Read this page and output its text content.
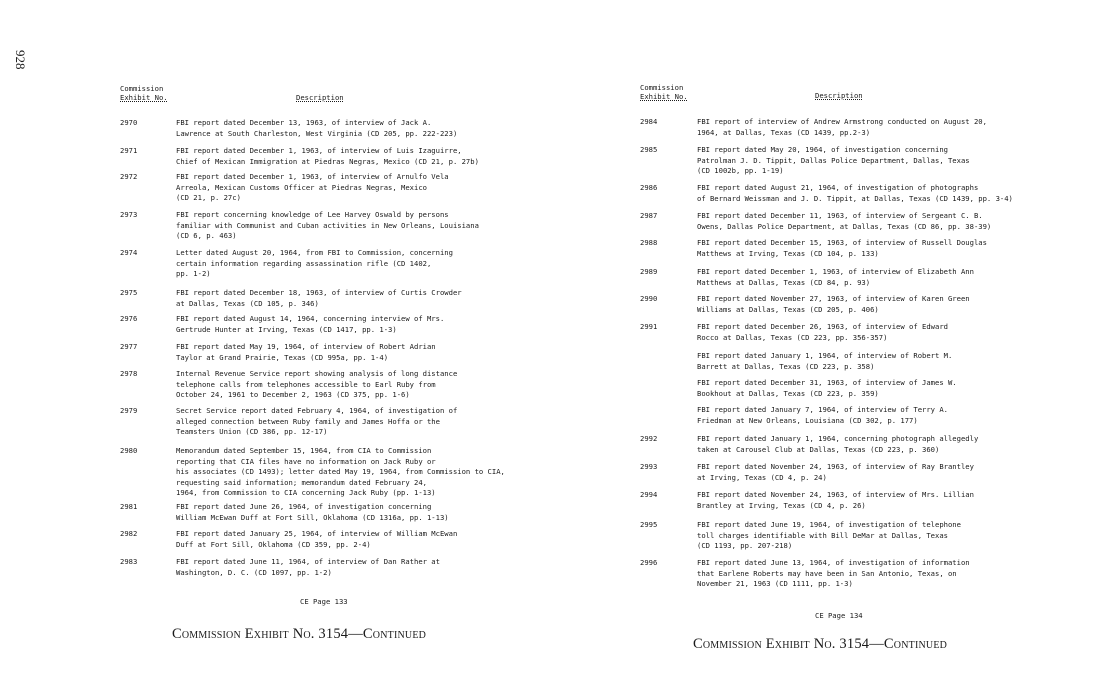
928
Commission
Exhibit No.	Description
2970	FBI report dated December 13, 1963, of interview of Jack A.
Lawrence at South Charleston, West Virginia (CD 205, pp. 222-223)
2971	FBI report dated December 1, 1963, of interview of Luis Izaguirre,
Chief of Mexican Immigration at Piedras Negras, Mexico (CD 21, p. 27b)
2972	FBI report dated December 1, 1963, of interview of Arnulfo Vela
Arreola, Mexican Customs Officer at Piedras Negras, Mexico
(CD 21, p. 27c)
2973	FBI report concerning knowledge of Lee Harvey Oswald by persons
familiar with Communist and Cuban activities in New Orleans, Louisiana
(CD 6, p. 463)
2974	Letter dated August 20, 1964, from FBI to Commission, concerning
certain information regarding assassination rifle (CD 1402,
pp. 1-2)
2975	FBI report dated December 18, 1963, of interview of Curtis Crowder
at Dallas, Texas (CD 105, p. 346)
2976	FBI report dated August 14, 1964, concerning interview of Mrs.
Gertrude Hunter at Irving, Texas (CD 1417, pp. 1-3)
2977	FBI report dated May 19, 1964, of interview of Robert Adrian
Taylor at Grand Prairie, Texas (CD 995a, pp. 1-4)
2978	Internal Revenue Service report showing analysis of long distance
telephone calls from telephones accessible to Earl Ruby from
October 24, 1961 to December 2, 1963 (CD 375, pp. 1-6)
2979	Secret Service report dated February 4, 1964, of investigation of
alleged connection between Ruby family and James Hoffa or the
Teamsters Union (CD 386, pp. 12-17)
2980	Memorandum dated September 15, 1964, from CIA to Commission
reporting that CIA files have no information on Jack Ruby or
his associates (CD 1493); letter dated May 19, 1964, from Commission to CIA,
requesting said information; memorandum dated February 24,
1964, from Commission to CIA concerning Jack Ruby (pp. 1-13)
2981	FBI report dated June 26, 1964, of investigation concerning
William McEwan Duff at Fort Sill, Oklahoma (CD 1316a, pp. 1-13)
2982	FBI report dated January 25, 1964, of interview of William McEwan
Duff at Fort Sill, Oklahoma (CD 359, pp. 2-4)
2983	FBI report dated June 11, 1964, of interview of Dan Rather at
Washington, D. C. (CD 1097, pp. 1-2)
CE Page 133
Commission Exhibit No. 3154—Continued
Commission
Exhibit No.	Description
2984	FBI report of interview of Andrew Armstrong conducted on August 20,
1964, at Dallas, Texas (CD 1439, pp.2-3)
2985	FBI report dated May 20, 1964, of investigation concerning
Patrolman J. D. Tippit, Dallas Police Department, Dallas, Texas
(CD 1002b, pp. 1-19)
2986	FBI report dated August 21, 1964, of investigation of photographs
of Bernard Weissman and J. D. Tippit, at Dallas, Texas (CD 1439, pp. 3-4)
2987	FBI report dated December 11, 1963, of interview of Sergeant C. B.
Owens, Dallas Police Department, at Dallas, Texas (CD 86, pp. 38-39)
2988	FBI report dated December 15, 1963, of interview of Russell Douglas
Matthews at Irving, Texas (CD 104, p. 133)
2989	FBI report dated December 1, 1963, of interview of Elizabeth Ann
Matthews at Dallas, Texas (CD 84, p. 93)
2990	FBI report dated November 27, 1963, of interview of Karen Green
Williams at Dallas, Texas (CD 205, p. 406)
2991	FBI report dated December 26, 1963, of interview of Edward
Rocco at Dallas, Texas (CD 223, pp. 356-357)
FBI report dated January 1, 1964, of interview of Robert M.
Barrett at Dallas, Texas (CD 223, p. 358)
FBI report dated December 31, 1963, of interview of James W.
Bookhout at Dallas, Texas (CD 223, p. 359)
FBI report dated January 7, 1964, of interview of Terry A.
Friedman at New Orleans, Louisiana (CD 302, p. 177)
2992	FBI report dated January 1, 1964, concerning photograph allegedly
taken at Carousel Club at Dallas, Texas (CD 223, p. 360)
2993	FBI report dated November 24, 1963, of interview of Ray Brantley
at Irving, Texas (CD 4, p. 24)
2994	FBI report dated November 24, 1963, of interview of Mrs. Lillian
Brantley at Irving, Texas (CD 4, p. 26)
2995	FBI report dated June 19, 1964, of investigation of telephone
toll charges identifiable with Bill DeMar at Dallas, Texas
(CD 1193, pp. 207-218)
2996	FBI report dated June 13, 1964, of investigation of information
that Earlene Roberts may have been in San Antonio, Texas, on
November 21, 1963 (CD 1111, pp. 1-3)
CE Page 134
Commission Exhibit No. 3154—Continued
